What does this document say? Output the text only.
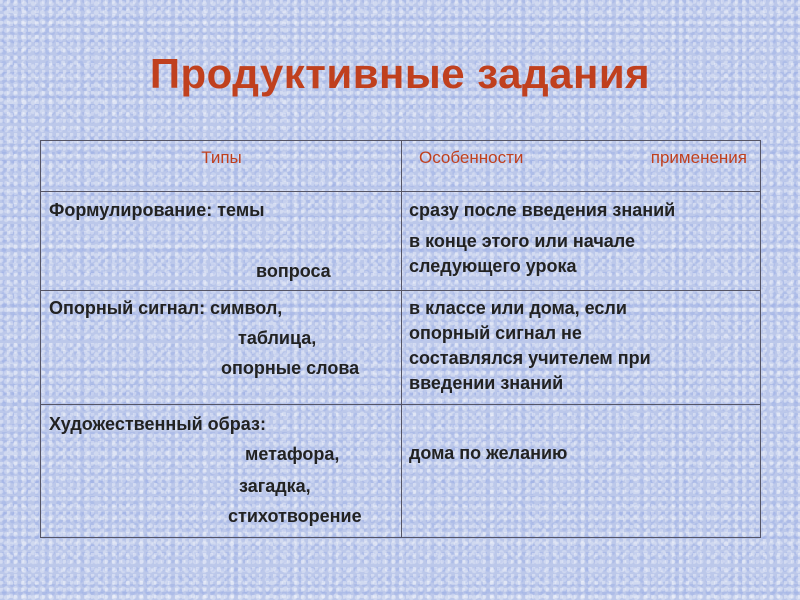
Продуктивные задания
Типы	Особенности применения

Формулирование: темы
вопроса	сразу после введения знаний
в конце этого или начале
следующего урока

Опорный сигнал: символ,
таблица,
опорные слова	в классе или дома, если
опорный сигнал не
составлялся учителем при
введении знаний

Художественный образ:
метафора,
загадка,
стихотворение	дома по желанию
